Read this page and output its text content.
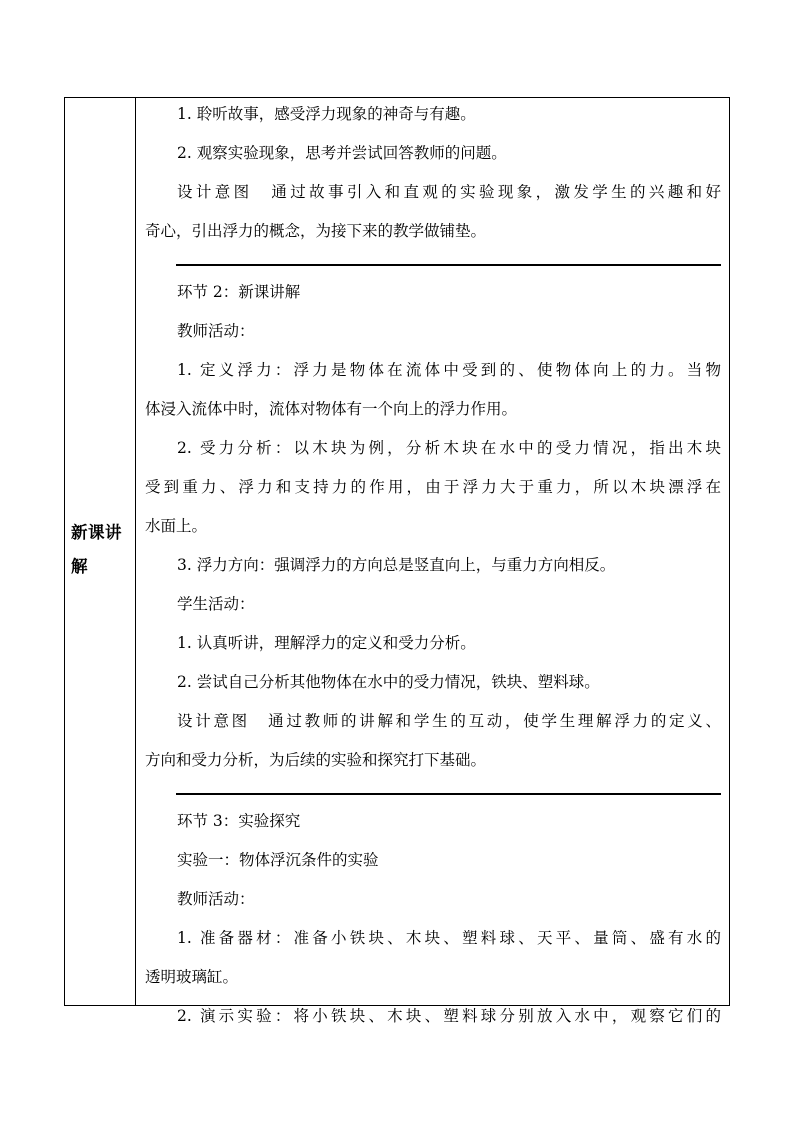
新课讲解
1. 聆听故事，感受浮力现象的神奇与有趣。
2. 观察实验现象，思考并尝试回答教师的问题。
设计意图　通过故事引入和直观的实验现象，激发学生的兴趣和好
奇心，引出浮力的概念，为接下来的教学做铺垫。
环节 2：新课讲解
教师活动：
1. 定义浮力：浮力是物体在流体中受到的、使物体向上的力。当物
体浸入流体中时，流体对物体有一个向上的浮力作用。
2. 受力分析：以木块为例，分析木块在水中的受力情况，指出木块
受到重力、浮力和支持力的作用，由于浮力大于重力，所以木块漂浮在
水面上。
3. 浮力方向：强调浮力的方向总是竖直向上，与重力方向相反。
学生活动：
1. 认真听讲，理解浮力的定义和受力分析。
2. 尝试自己分析其他物体在水中的受力情况，铁块、塑料球。
设计意图　通过教师的讲解和学生的互动，使学生理解浮力的定义、
方向和受力分析，为后续的实验和探究打下基础。
环节 3：实验探究
实验一：物体浮沉条件的实验
教师活动：
1. 准备器材：准备小铁块、木块、塑料球、天平、量筒、盛有水的
透明玻璃缸。
2. 演示实验：将小铁块、木块、塑料球分别放入水中，观察它们的
